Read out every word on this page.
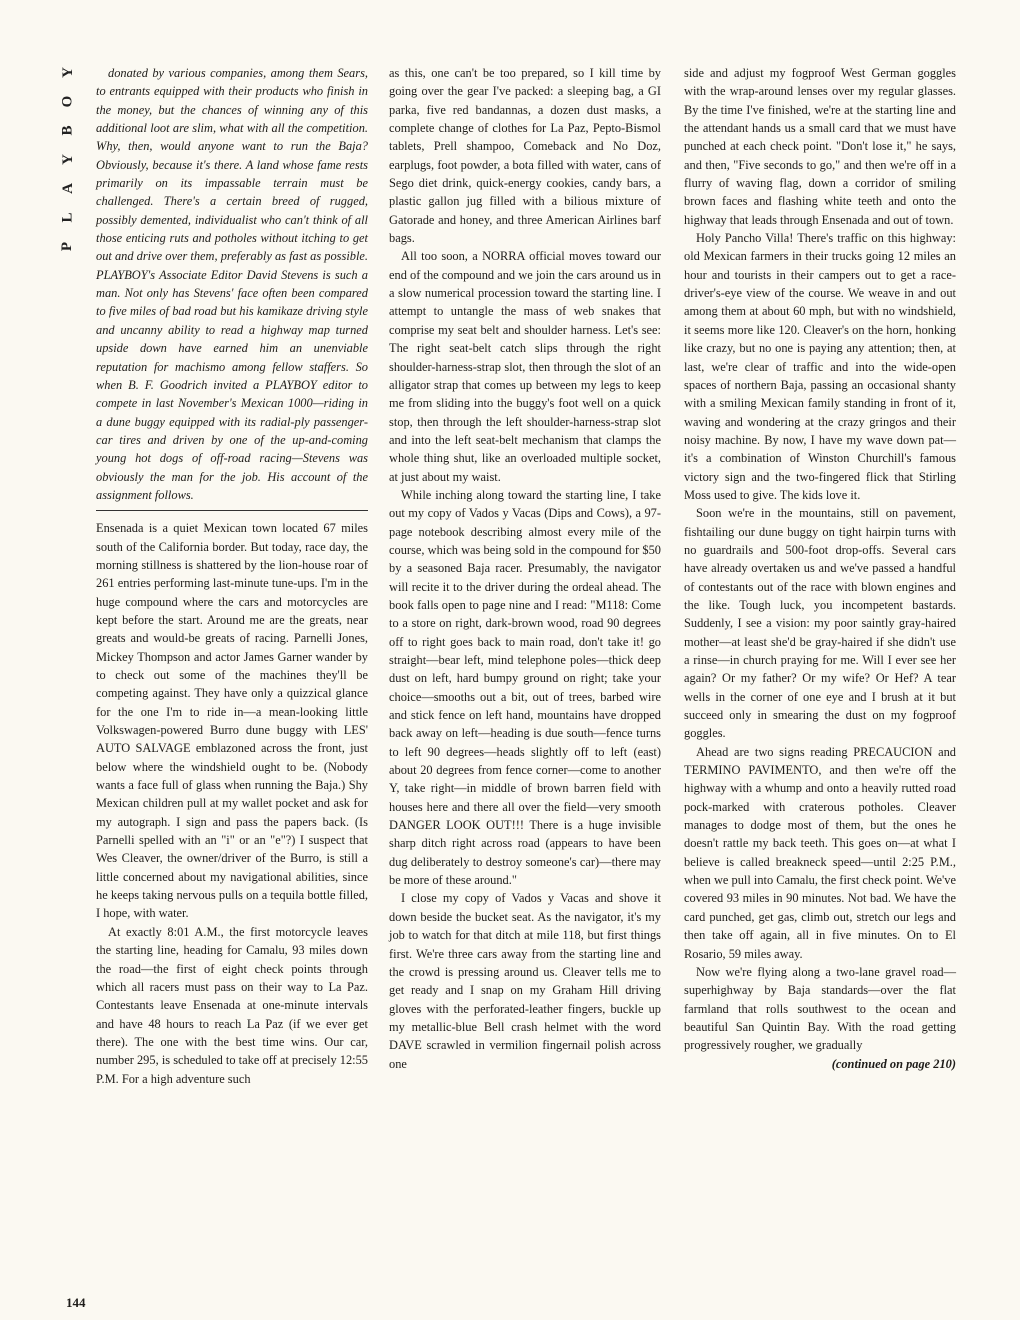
Y
O
B
Y
A
L
P
144

donated by various companies, among them Sears, to entrants equipped with their products who finish in the money, but the chances of winning any of this additional loot are slim, what with all the competition. Why, then, would anyone want to run the Baja? Obviously, because it's there. A land whose fame rests primarily on its impassable terrain must be challenged. There's a certain breed of rugged, possibly demented, individualist who can't think of all those enticing ruts and potholes without itching to get out and drive over them, preferably as fast as possible. PLAYBOY's Associate Editor David Stevens is such a man. Not only has Stevens' face often been compared to five miles of bad road but his kamikaze driving style and uncanny ability to read a highway map turned upside down have earned him an unenviable reputation for machismo among fellow staffers. So when B. F. Goodrich invited a PLAYBOY editor to compete in last November's Mexican 1000—riding in a dune buggy equipped with its radial-ply passenger-car tires and driven by one of the up-and-coming young hot dogs of off-road racing—Stevens was obviously the man for the job. His account of the assignment follows.

Ensenada is a quiet Mexican town located 67 miles south of the California border. But today, race day, the morning stillness is shattered by the lion-house roar of 261 entries performing last-minute tune-ups. I'm in the huge compound where the cars and motorcycles are kept before the start. Around me are the greats, near greats and would-be greats of racing. Parnelli Jones, Mickey Thompson and actor James Garner wander by to check out some of the machines they'll be competing against. They have only a quizzical glance for the one I'm to ride in—a mean-looking little Volkswagen-powered Burro dune buggy with LES' AUTO SALVAGE emblazoned across the front, just below where the windshield ought to be. (Nobody wants a face full of glass when running the Baja.) Shy Mexican children pull at my wallet pocket and ask for my autograph. I sign and pass the papers back. (Is Parnelli spelled with an "i" or an "e"?) I suspect that Wes Cleaver, the owner/driver of the Burro, is still a little concerned about my navigational abilities, since he keeps taking nervous pulls on a tequila bottle filled, I hope, with water.

At exactly 8:01 A.M., the first motorcycle leaves the starting line, heading for Camalu, 93 miles down the road—the first of eight check points through which all racers must pass on their way to La Paz. Contestants leave Ensenada at one-minute intervals and have 48 hours to reach La Paz (if we ever get there). The one with the best time wins. Our car, number 295, is scheduled to take off at precisely 12:55 P.M. For a high adventure such

as this, one can't be too prepared, so I kill time by going over the gear I've packed: a sleeping bag, a GI parka, five red bandannas, a dozen dust masks, a complete change of clothes for La Paz, Pepto-Bismol tablets, Prell shampoo, Comeback and No Doz, earplugs, foot powder, a bota filled with water, cans of Sego diet drink, quick-energy cookies, candy bars, a plastic gallon jug filled with a bilious mixture of Gatorade and honey, and three American Airlines barf bags.

All too soon, a NORRA official moves toward our end of the compound and we join the cars around us in a slow numerical procession toward the starting line. I attempt to untangle the mass of web snakes that comprise my seat belt and shoulder harness. Let's see: The right seat-belt catch slips through the right shoulder-harness-strap slot, then through the slot of an alligator strap that comes up between my legs to keep me from sliding into the buggy's foot well on a quick stop, then through the left shoulder-harness-strap slot and into the left seat-belt mechanism that clamps the whole thing shut, like an overloaded multiple socket, at just about my waist.

While inching along toward the starting line, I take out my copy of Vados y Vacas (Dips and Cows), a 97-page notebook describing almost every mile of the course, which was being sold in the compound for $50 by a seasoned Baja racer. Presumably, the navigator will recite it to the driver during the ordeal ahead. The book falls open to page nine and I read: "M118: Come to a store on right, dark-brown wood, road 90 degrees off to right goes back to main road, don't take it! go straight—bear left, mind telephone poles—thick deep dust on left, hard bumpy ground on right; take your choice—smooths out a bit, out of trees, barbed wire and stick fence on left hand, mountains have dropped back away on left—heading is due south—fence turns to left 90 degrees—heads slightly off to left (east) about 20 degrees from fence corner—come to another Y, take right—in middle of brown barren field with houses here and there all over the field—very smooth DANGER LOOK OUT!!! There is a huge invisible sharp ditch right across road (appears to have been dug deliberately to destroy someone's car)—there may be more of these around."

I close my copy of Vados y Vacas and shove it down beside the bucket seat. As the navigator, it's my job to watch for that ditch at mile 118, but first things first. We're three cars away from the starting line and the crowd is pressing around us. Cleaver tells me to get ready and I snap on my Graham Hill driving gloves with the perforated-leather fingers, buckle up my metallic-blue Bell crash helmet with the word DAVE scrawled in vermilion fingernail polish across one

side and adjust my fogproof West German goggles with the wrap-around lenses over my regular glasses. By the time I've finished, we're at the starting line and the attendant hands us a small card that we must have punched at each check point. "Don't lose it," he says, and then, "Five seconds to go," and then we're off in a flurry of waving flag, down a corridor of smiling brown faces and flashing white teeth and onto the highway that leads through Ensenada and out of town.

Holy Pancho Villa! There's traffic on this highway: old Mexican farmers in their trucks going 12 miles an hour and tourists in their campers out to get a race-driver's-eye view of the course. We weave in and out among them at about 60 mph, but with no windshield, it seems more like 120. Cleaver's on the horn, honking like crazy, but no one is paying any attention; then, at last, we're clear of traffic and into the wide-open spaces of northern Baja, passing an occasional shanty with a smiling Mexican family standing in front of it, waving and wondering at the crazy gringos and their noisy machine. By now, I have my wave down pat—it's a combination of Winston Churchill's famous victory sign and the two-fingered flick that Stirling Moss used to give. The kids love it.

Soon we're in the mountains, still on pavement, fishtailing our dune buggy on tight hairpin turns with no guardrails and 500-foot drop-offs. Several cars have already overtaken us and we've passed a handful of contestants out of the race with blown engines and the like. Tough luck, you incompetent bastards. Suddenly, I see a vision: my poor saintly gray-haired mother—at least she'd be gray-haired if she didn't use a rinse—in church praying for me. Will I ever see her again? Or my father? Or my wife? Or Hef? A tear wells in the corner of one eye and I brush at it but succeed only in smearing the dust on my fogproof goggles.

Ahead are two signs reading PRECAUCION and TERMINO PAVIMENTO, and then we're off the highway with a whump and onto a heavily rutted road pock-marked with craterous potholes. Cleaver manages to dodge most of them, but the ones he doesn't rattle my back teeth. This goes on—at what I believe is called breakneck speed—until 2:25 P.M., when we pull into Camalu, the first check point. We've covered 93 miles in 90 minutes. Not bad. We have the card punched, get gas, climb out, stretch our legs and then take off again, all in five minutes. On to El Rosario, 59 miles away.

Now we're flying along a two-lane gravel road—superhighway by Baja standards—over the flat farmland that rolls southwest to the ocean and beautiful San Quintin Bay. With the road getting progressively rougher, we gradually

(continued on page 210)
